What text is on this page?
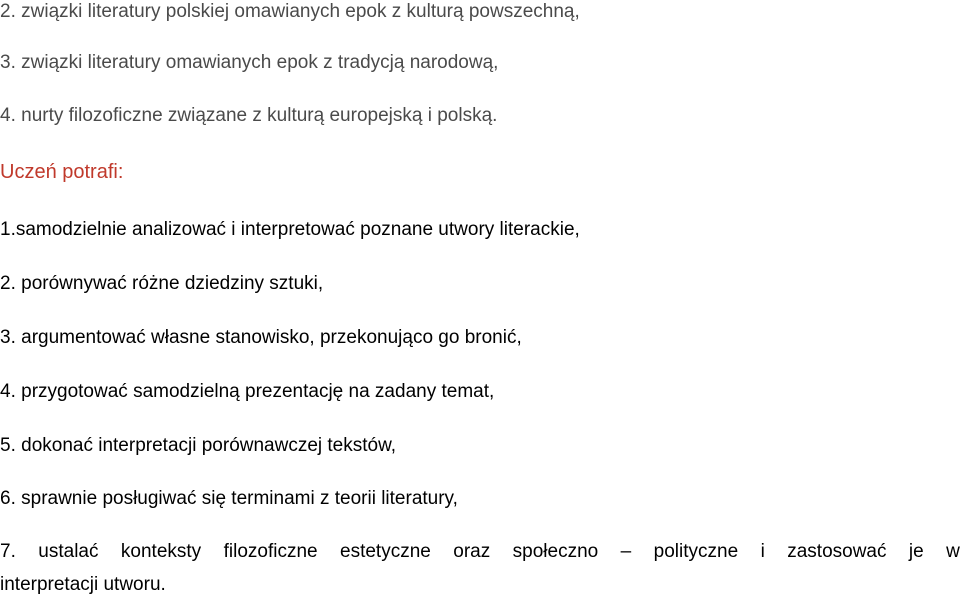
2. związki literatury polskiej omawianych epok z kulturą powszechną,
3. związki literatury omawianych epok z tradycją narodową,
4. nurty filozoficzne związane z kulturą europejską i polską.
Uczeń potrafi:
1.samodzielnie analizować i interpretować poznane utwory literackie,
2. porównywać różne dziedziny sztuki,
3. argumentować własne stanowisko, przekonująco go bronić,
4. przygotować samodzielną prezentację na zadany temat,
5. dokonać interpretacji porównawczej tekstów,
6. sprawnie posługiwać się terminami z teorii literatury,
7. ustalać konteksty filozoficzne estetyczne oraz społeczno – polityczne i zastosować je w
interpretacji utworu.
